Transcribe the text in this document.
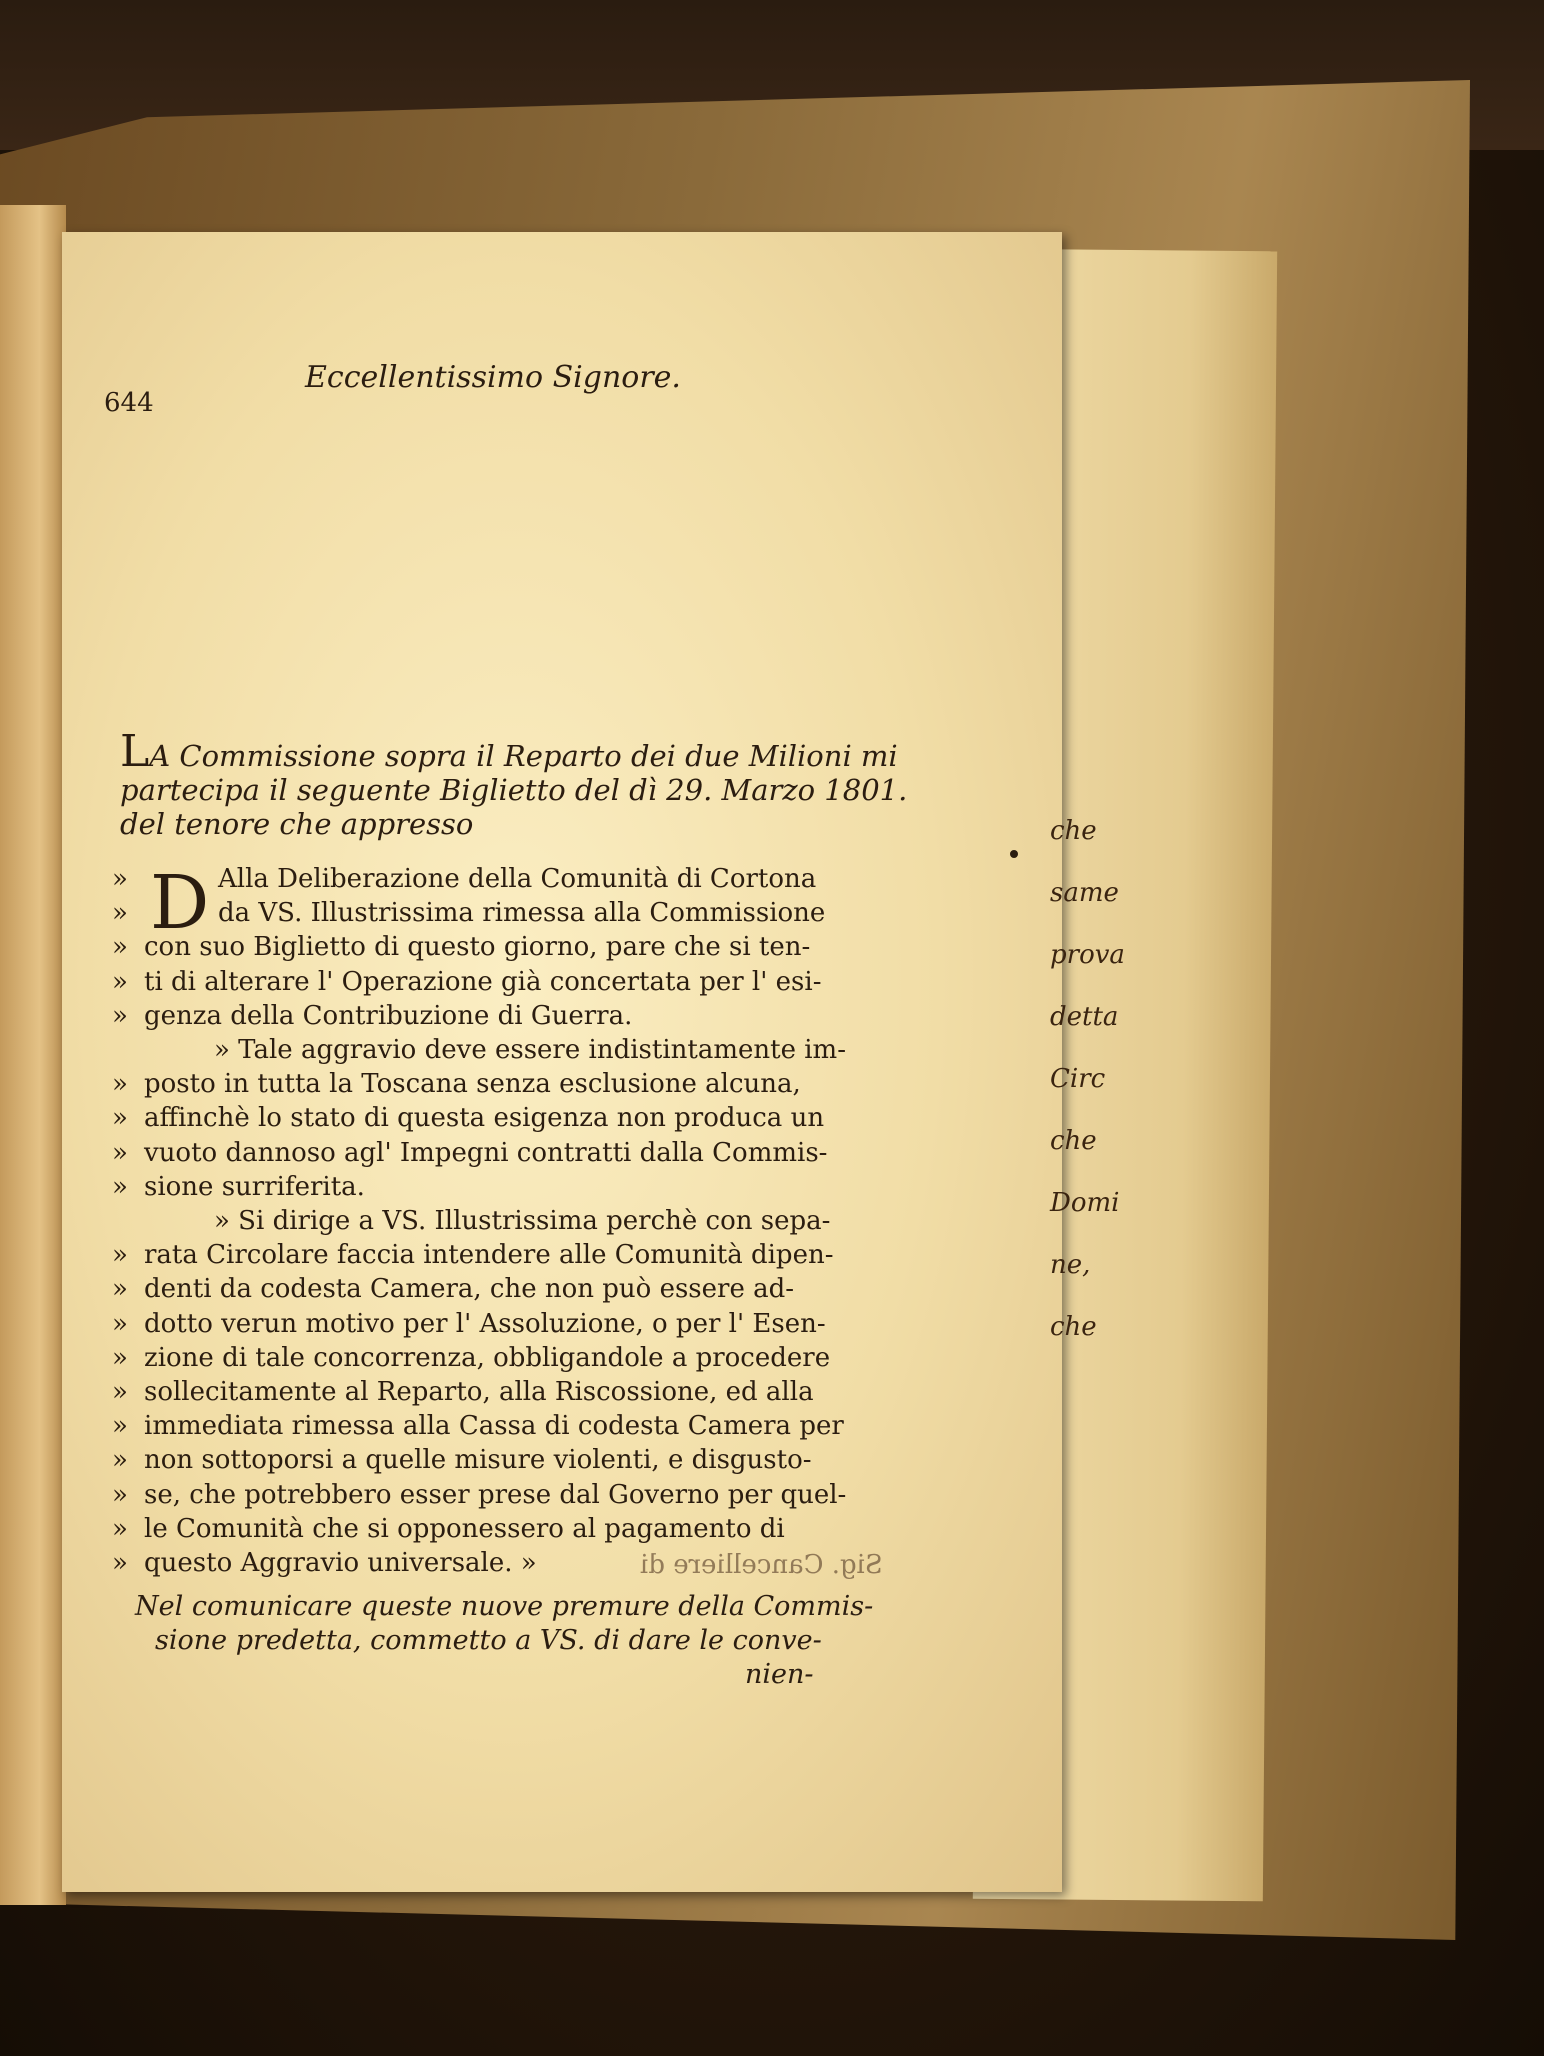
644
Eccellentissimo Signore.
LA Commissione sopra il Reparto dei due Milioni mi
partecipa il seguente Biglietto del dì 29. Marzo 1801.
del tenore che appresso
D
»	Alla Deliberazione della Comunità di Cortona
»	da VS. Illustrissima rimessa alla Commissione
» con suo Biglietto di questo giorno, pare che si ten-
» ti di alterare l' Operazione già concertata per l' esi-
» genza della Contribuzione di Guerra.
» Tale aggravio deve essere indistintamente im-
» posto in tutta la Toscana senza esclusione alcuna,
» affinchè lo stato di questa esigenza non produca un
» vuoto dannoso agl' Impegni contratti dalla Commis-
» sione surriferita.
» Si dirige a VS. Illustrissima perchè con sepa-
» rata Circolare faccia intendere alle Comunità dipen-
» denti da codesta Camera, che non può essere ad-
» dotto verun motivo per l' Assoluzione, o per l' Esen-
» zione di tale concorrenza, obbligandole a procedere
» sollecitamente al Reparto, alla Riscossione, ed alla
» immediata rimessa alla Cassa di codesta Camera per
» non sottoporsi a quelle misure violenti, e disgusto-
» se, che potrebbero esser prese dal Governo per quel-
» le Comunità che si opponessero al pagamento di
» questo Aggravio universale. »
Nel comunicare queste nuove premure della Commis-
sione predetta, commetto a VS. di dare le conve-
nien-
Sig. Cancelliere di
che
same
prova
detta
Circ
che
Domi
ne,
che
